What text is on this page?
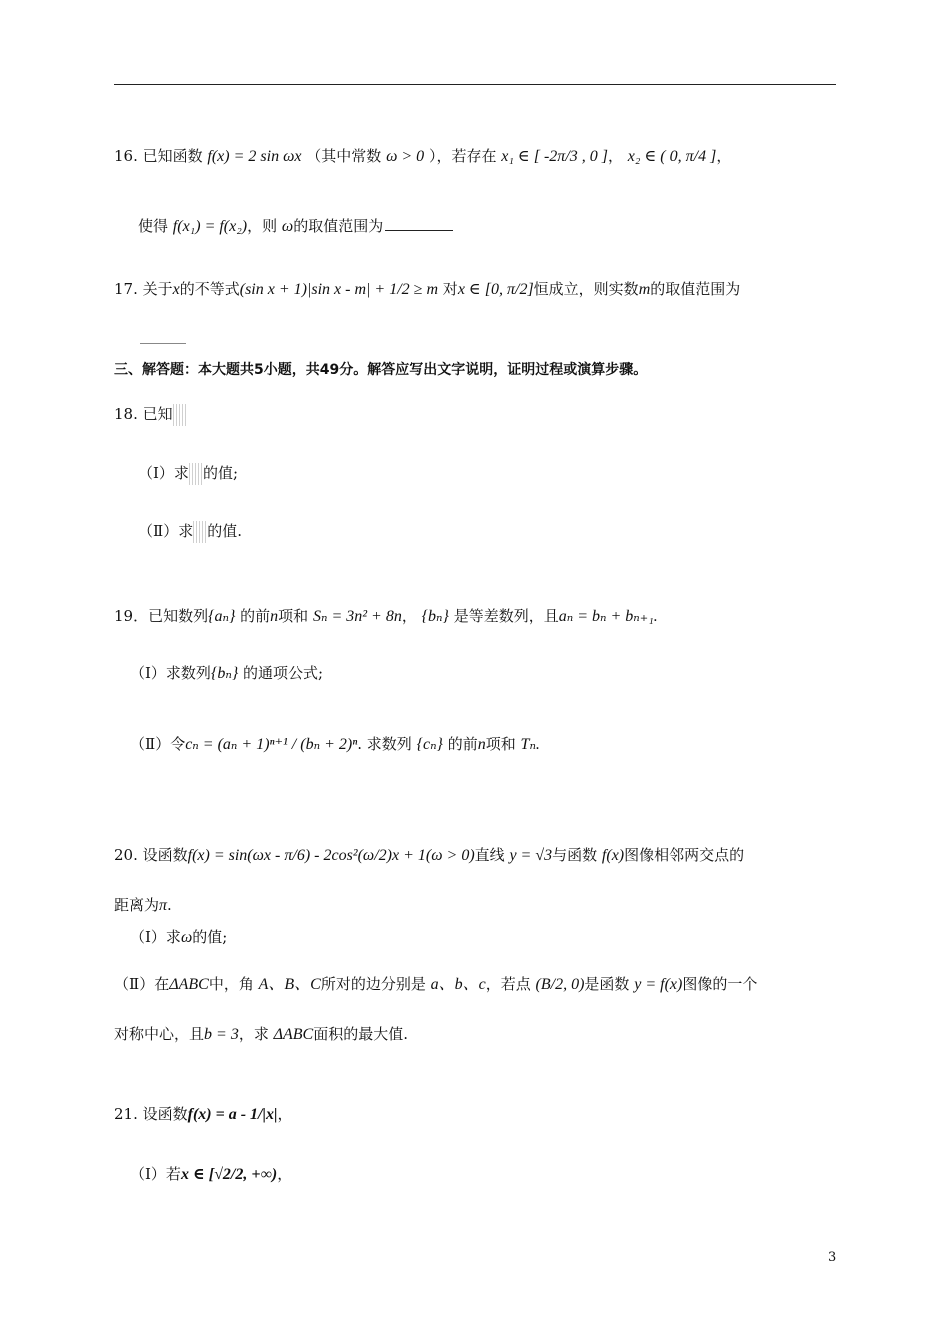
16. 已知函数 f(x) = 2 sin ωx （其中常数 ω > 0 ），若存在 x₁ ∈ [ -2π/3 , 0 ]， x₂ ∈ ( 0, π/4 ]，
使得 f(x₁) = f(x₂)，则 ω的取值范围为
17. 关于x的不等式(sin x + 1)|sin x - m| + 1/2 ≥ m 对x ∈ [0, π/2]恒成立，则实数m的取值范围为
三、解答题：本大题共5小题，共49分。解答应写出文字说明，证明过程或演算步骤。
18. 已知
（Ⅰ）求 的值;
（Ⅱ）求 的值.
19．已知数列{aₙ} 的前n项和 Sₙ = 3n² + 8n， {bₙ} 是等差数列，且aₙ = bₙ + bₙ₊₁.
（Ⅰ）求数列{bₙ} 的通项公式;
（Ⅱ）令cₙ = (aₙ + 1)ⁿ⁺¹ / (bₙ + 2)ⁿ. 求数列 {cₙ} 的前n项和 Tₙ.
20. 设函数f(x) = sin(ωx - π/6) - 2cos²(ω/2)x + 1(ω > 0)直线 y = √3与函数 f(x)图像相邻两交点的
距离为π.
（Ⅰ）求ω的值;
（Ⅱ）在ΔABC中，角 A、B、C所对的边分别是 a、b、c，若点 (B/2, 0)是函数 y = f(x)图像的一个
对称中心，且b = 3，求 ΔABC面积的最大值.
21. 设函数f(x) = a - 1/|x|，
（Ⅰ）若x ∈ [√2/2, +∞)，
3
